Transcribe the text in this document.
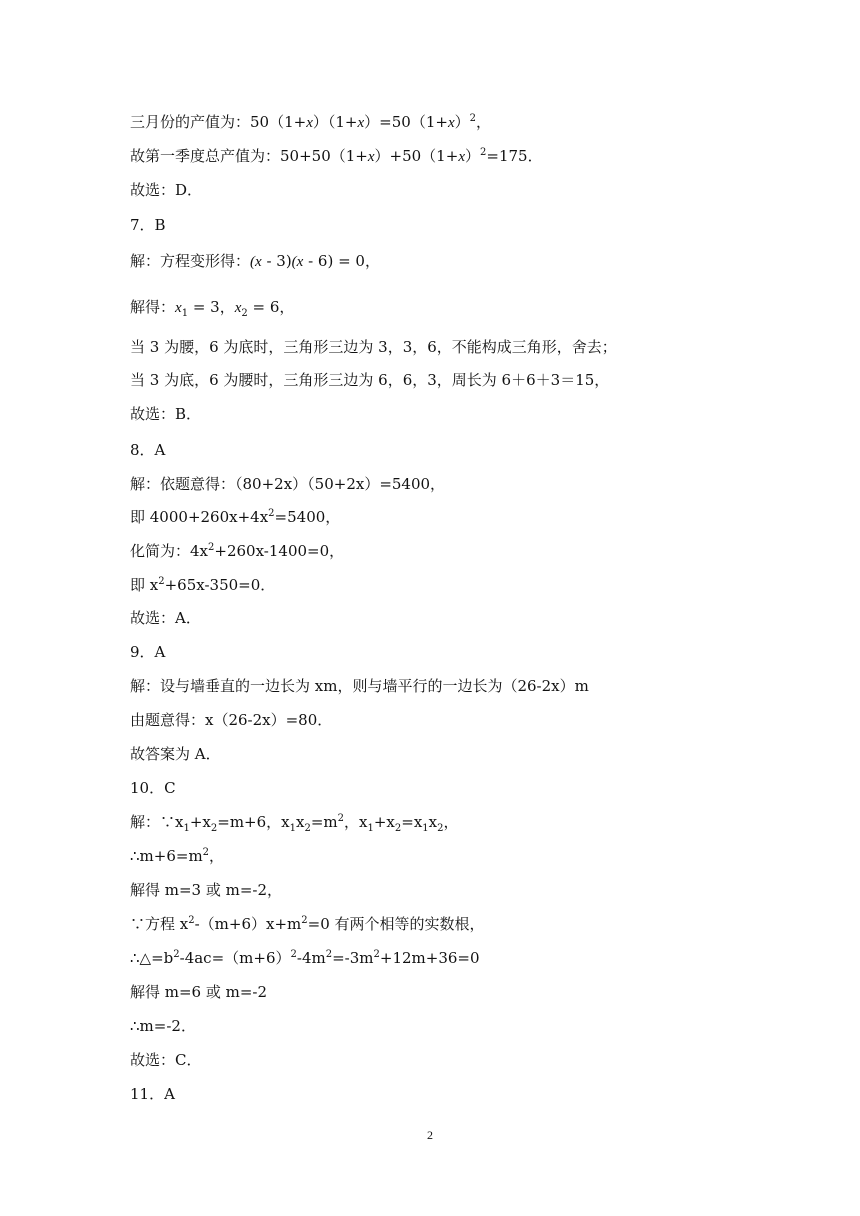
三月份的产值为：$50(1+x)(1+x)=50(1+x)^2$，
故第一季度总产值为：$50+50(1+x)+50(1+x)^2=175$．
故选：D．
7．B
解：方程变形得：(x - 3)(x - 6) = 0，
解得：$x_1 = 3$，$x_2 = 6$，
当 3 为腰，6 为底时，三角形三边为 3，3，6，不能构成三角形，舍去；
当 3 为底，6 为腰时，三角形三边为 6，6，3，周长为 6＋6＋3＝15，
故选：B．
8．A
解：依题意得：（80+2x）（50+2x）=5400，
即 $4000+260x+4x^2=5400$，
化简为：$4x^2+260x-1400=0$，
即 $x^2+65x-350=0$．
故选：A．
9．A
解：设与墙垂直的一边长为 xm，则与墙平行的一边长为（26-2x）m
由题意得：x（26-2x）=80．
故答案为 A．
10．C
解：$\because x_1+x_2=m+6$，$x_1x_2=m^2$，$x_1+x_2=x_1x_2$，
$\therefore m+6=m^2$，
解得 m=3 或 m=-2，
∵方程 $x^2-(m+6)x+m^2=0$ 有两个相等的实数根，
$\therefore\triangle=b^2-4ac=(m+6)^2-4m^2=-3m^2+12m+36=0$
解得 m=6 或 m=-2
∴m=-2．
故选：C．
11．A
2
